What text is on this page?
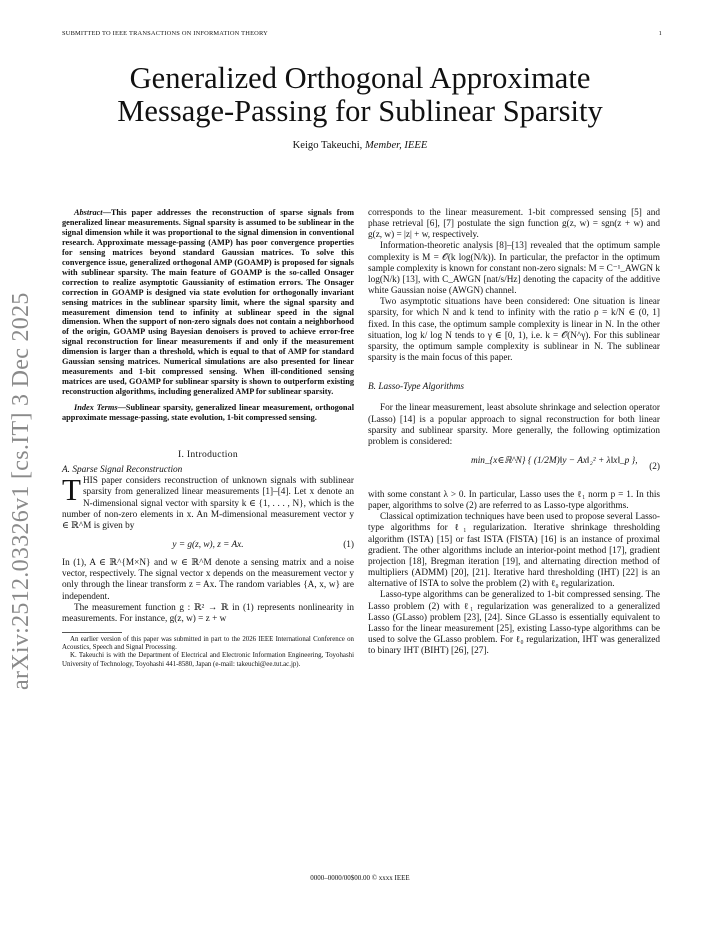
SUBMITTED TO IEEE TRANSACTIONS ON INFORMATION THEORY	1
arXiv:2512.03326v1 [cs.IT] 3 Dec 2025
Generalized Orthogonal Approximate
Message-Passing for Sublinear Sparsity
Keigo Takeuchi, Member, IEEE

Abstract—This paper addresses the reconstruction of sparse signals from generalized linear measurements. Signal sparsity is assumed to be sublinear in the signal dimension while it was proportional to the signal dimension in conventional research. Approximate message-passing (AMP) has poor convergence properties for sensing matrices beyond standard Gaussian matrices. To solve this convergence issue, generalized orthogonal AMP (GOAMP) is proposed for signals with sublinear sparsity. The main feature of GOAMP is the so-called Onsager correction to realize asymptotic Gaussianity of estimation errors. The Onsager correction in GOAMP is designed via state evolution for orthogonally invariant sensing matrices in the sublinear sparsity limit, where the signal sparsity and measurement dimension tend to infinity at sublinear speed in the signal dimension. When the support of non-zero signals does not contain a neighborhood of the origin, GOAMP using Bayesian denoisers is proved to achieve error-free signal reconstruction for linear measurements if and only if the measurement dimension is larger than a threshold, which is equal to that of AMP for standard Gaussian sensing matrices. Numerical simulations are also presented for linear measurements and 1-bit compressed sensing. When ill-conditioned sensing matrices are used, GOAMP for sublinear sparsity is shown to outperform existing reconstruction algorithms, including generalized AMP for sublinear sparsity.

Index Terms—Sublinear sparsity, generalized linear measurement, orthogonal approximate message-passing, state evolution, 1-bit compressed sensing.

I. Introduction
A. Sparse Signal Reconstruction

THIS paper considers reconstruction of unknown signals with sublinear sparsity from generalized linear measurements [1]–[4]. Let x denote an N-dimensional signal vector with sparsity k ∈ {1, . . . , N}, which is the number of non-zero elements in x. An M-dimensional measurement vector y ∈ ℝ^M is given by

y = g(z, w), z = Ax.	(1)

In (1), A ∈ ℝ^{M×N} and w ∈ ℝ^M denote a sensing matrix and a noise vector, respectively. The signal vector x depends on the measurement vector y only through the linear transform z = Ax. The random variables {A, x, w} are independent.

The measurement function g : ℝ² → ℝ in (1) represents nonlinearity in measurements. For instance, g(z, w) = z + w

An earlier version of this paper was submitted in part to the 2026 IEEE International Conference on Acoustics, Speech and Signal Processing.

K. Takeuchi is with the Department of Electrical and Electronic Information Engineering, Toyohashi University of Technology, Toyohashi 441-8580, Japan (e-mail: takeuchi@ee.tut.ac.jp).

corresponds to the linear measurement. 1-bit compressed sensing [5] and phase retrieval [6], [7] postulate the sign function g(z, w) = sgn(z + w) and g(z, w) = |z| + w, respectively.

Information-theoretic analysis [8]–[13] revealed that the optimum sample complexity is M = 𝒪(k log(N/k)). In particular, the prefactor in the optimum sample complexity is known for constant non-zero signals: M = C⁻¹_AWGN k log(N/k) [13], with C_AWGN [nat/s/Hz] denoting the capacity of the additive white Gaussian noise (AWGN) channel.

Two asymptotic situations have been considered: One situation is linear sparsity, for which N and k tend to infinity with the ratio ρ = k/N ∈ (0, 1] fixed. In this case, the optimum sample complexity is linear in N. In the other situation, log k/ log N tends to γ ∈ [0, 1), i.e. k = 𝒪(N^γ). For this sublinear sparsity, the optimum sample complexity is sublinear in N. The sublinear sparsity is the main focus of this paper.

B. Lasso-Type Algorithms

For the linear measurement, least absolute shrinkage and selection operator (Lasso) [14] is a popular approach to signal reconstruction for both linear sparsity and sublinear sparsity. More generally, the following optimization problem is considered:

min_{x∈ℝ^N} { (1/2M)‖y − Ax‖₂² + λ‖x‖_p },
(2)

with some constant λ > 0. In particular, Lasso uses the ℓ₁ norm p = 1. In this paper, algorithms to solve (2) are referred to as Lasso-type algorithms.

Classical optimization techniques have been used to propose several Lasso-type algorithms for ℓ₁ regularization. Iterative shrinkage thresholding algorithm (ISTA) [15] or fast ISTA (FISTA) [16] is an instance of proximal gradient. The other algorithms include an interior-point method [17], gradient projection [18], Bregman iteration [19], and alternating direction method of multipliers (ADMM) [20], [21]. Iterative hard thresholding (IHT) [22] is an alternative of ISTA to solve the problem (2) with ℓ₀ regularization.

Lasso-type algorithms can be generalized to 1-bit compressed sensing. The Lasso problem (2) with ℓ₁ regularization was generalized to a generalized Lasso (GLasso) problem [23], [24]. Since GLasso is essentially equivalent to Lasso for the linear measurement [25], existing Lasso-type algorithms can be used to solve the GLasso problem. For ℓ₀ regularization, IHT was generalized to binary IHT (BIHT) [26], [27].

0000–0000/00$00.00 © xxxx IEEE
